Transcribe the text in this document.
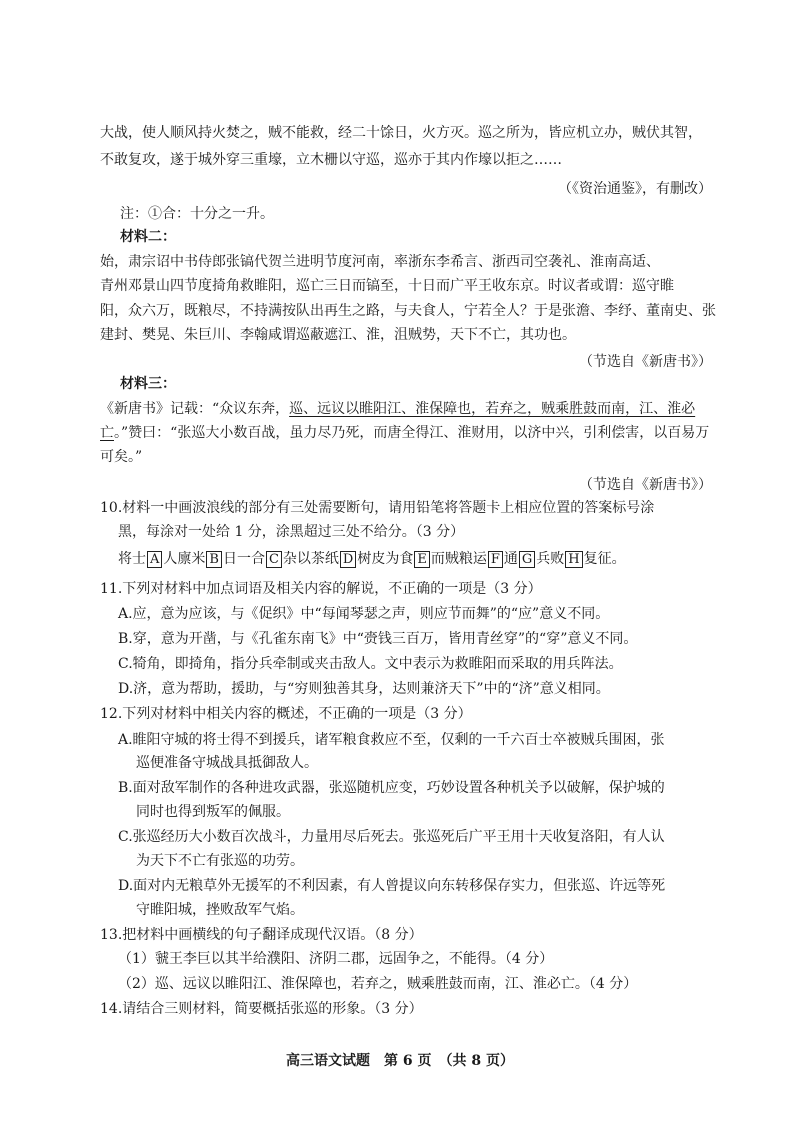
大战，使人顺风持火焚之，贼不能救，经二十馀日，火方灭。巡之所为，皆应机立办，贼伏其智，
不敢复攻，遂于城外穿三重壕，立木栅以守巡，巡亦于其内作壕以拒之……
（《资治通鉴》，有删改）
注：①合：十分之一升。
材料二：
始，肃宗诏中书侍郎张镐代贺兰进明节度河南，率浙东李希言、浙西司空袭礼、淮南高适、
青州邓景山四节度掎角救睢阳，巡亡三日而镐至，十日而广平王收东京。时议者或谓：巡守睢
阳，众六万，既粮尽，不持满按队出再生之路，与夫食人，宁若全人？于是张澹、李纾、董南史、张
建封、樊晃、朱巨川、李翰咸谓巡蔽遮江、淮，沮贼势，天下不亡，其功也。
（节选自《新唐书》）
材料三：
《新唐书》记载：“众议东奔，巡、远议以睢阳江、淮保障也，若弃之，贼乘胜鼓而南，江、淮必
亡。”赞曰：“张巡大小数百战，虽力尽乃死，而唐全得江、淮财用，以济中兴，引利偿害，以百易万
可矣。”
（节选自《新唐书》）
10.材料一中画波浪线的部分有三处需要断句，请用铅笔将答题卡上相应位置的答案标号涂
黑，每涂对一处给 1 分，涂黑超过三处不给分。（3 分）
将士 A 人廪米 B 日一合 C 杂以茶纸 D 树皮为食 E 而贼粮运 F 通 G 兵败 H 复征。
11.下列对材料中加点词语及相关内容的解说，不正确的一项是（3 分）
A.应，意为应该，与《促织》中“每闻琴瑟之声，则应节而舞”的“应”意义不同。
B.穿，意为开凿，与《孔雀东南飞》中“赍钱三百万，皆用青丝穿”的“穿”意义不同。
C.犄角，即掎角，指分兵牵制或夹击敌人。文中表示为救睢阳而采取的用兵阵法。
D.济，意为帮助，援助，与“穷则独善其身，达则兼济天下”中的“济”意义相同。
12.下列对材料中相关内容的概述，不正确的一项是（3 分）
A.睢阳守城的将士得不到援兵，诸军粮食救应不至，仅剩的一千六百士卒被贼兵围困，张
巡便准备守城战具抵御敌人。
B.面对敌军制作的各种进攻武器，张巡随机应变，巧妙设置各种机关予以破解，保护城的
同时也得到叛军的佩服。
C.张巡经历大小数百次战斗，力量用尽后死去。张巡死后广平王用十天收复洛阳，有人认
为天下不亡有张巡的功劳。
D.面对内无粮草外无援军的不利因素，有人曾提议向东转移保存实力，但张巡、许远等死
守睢阳城，挫败敌军气焰。
13.把材料中画横线的句子翻译成现代汉语。（8 分）
（1）虢王李巨以其半给濮阳、济阴二郡，远固争之，不能得。（4 分）
（2）巡、远议以睢阳江、淮保障也，若弃之，贼乘胜鼓而南，江、淮必亡。（4 分）
14.请结合三则材料，简要概括张巡的形象。（3 分）
高三语文试题　第 6 页　（共 8 页）
